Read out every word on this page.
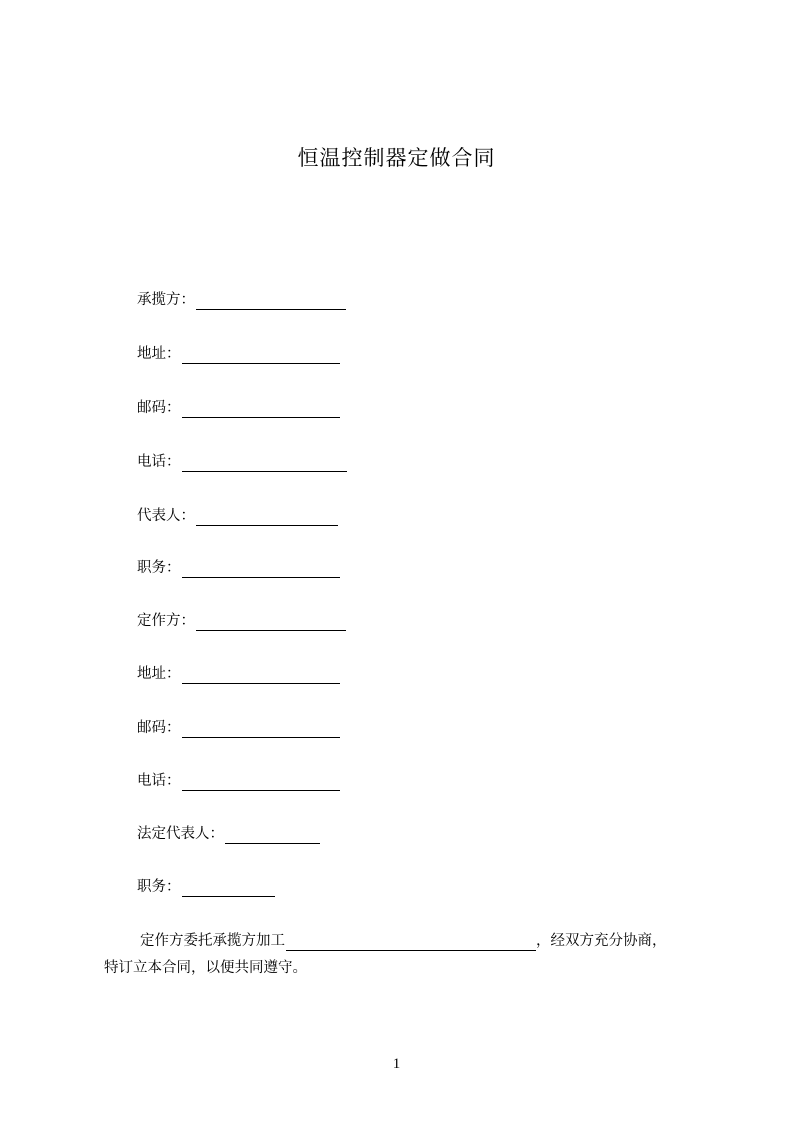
恒温控制器定做合同
承揽方：
地址：
邮码：
电话：
代表人：
职务：
定作方：
地址：
邮码：
电话：
法定代表人：
职务：
定作方委托承揽方加工	，经双方充分协商，
特订立本合同，以便共同遵守。
1
